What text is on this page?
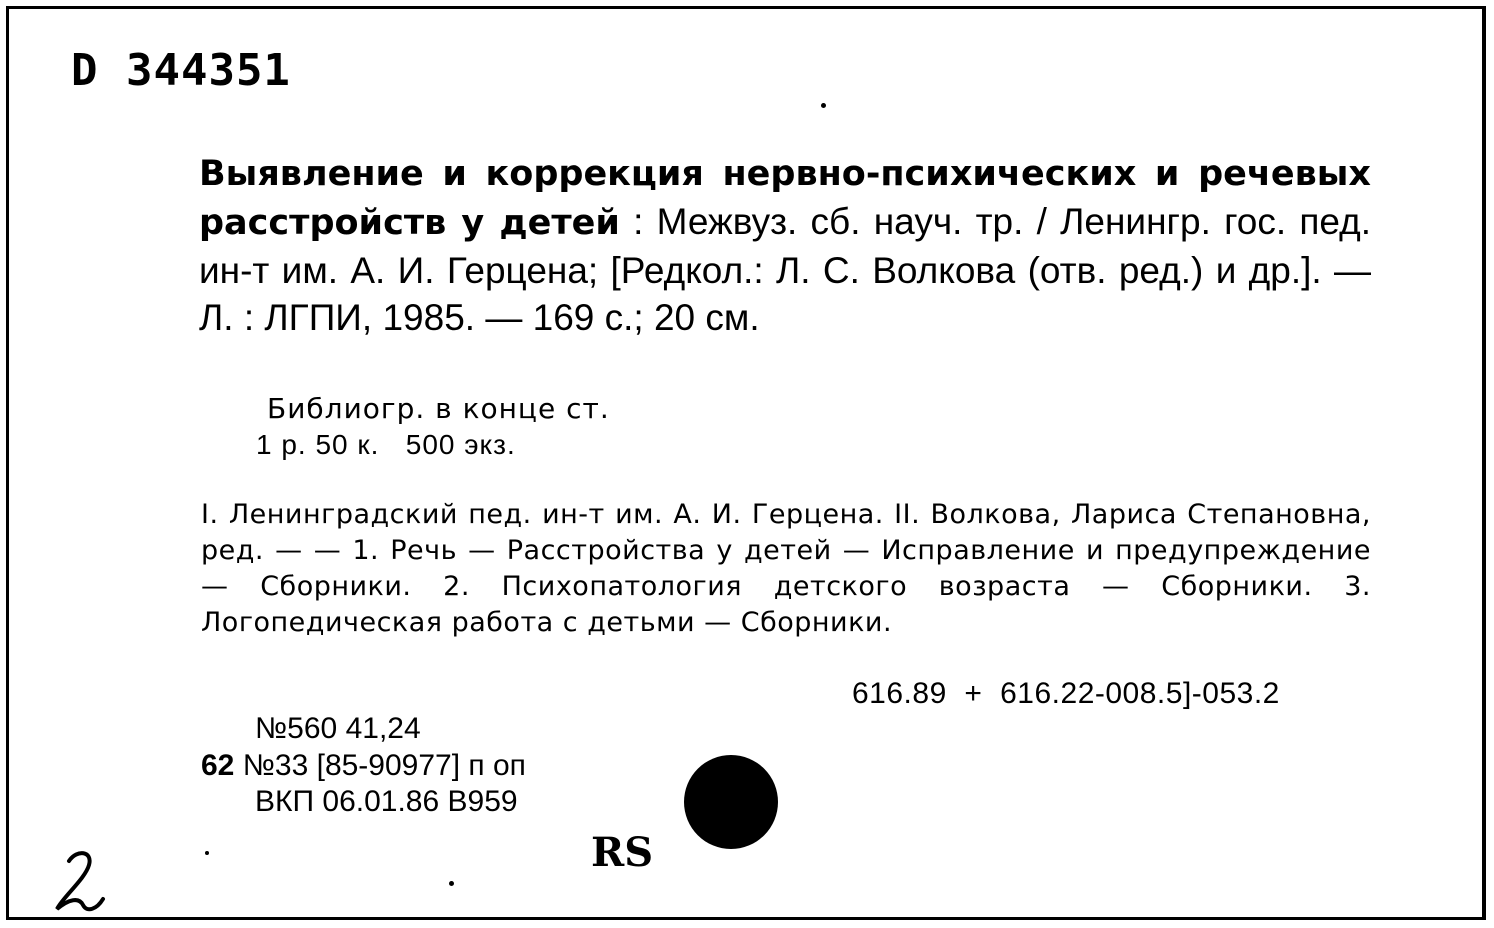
D 344351
Выявление и коррекция нервно-психических и речевых расстройств у детей : Межвуз. сб. науч. тр. / Ленингр. гос. пед. ин-т им. А. И. Герцена; [Редкол.: Л. С. Волкова (отв. ред.) и др.]. — Л. : ЛГПИ, 1985. — 169 с.; 20 см.
Библиогр. в конце ст.
1 р. 50 к.   500 экз.
I. Ленинградский пед. ин-т им. А. И. Герцена. II. Волкова, Лариса Степановна, ред. — — 1. Речь — Расстройства у детей — Исправление и предупреждение — Сборники. 2. Психопатология детского возраста — Сборники. 3. Логопедическая работа с детьми — Сборники.
616.89  +  616.22-008.5]-053.2
№560 41,24
62 №33 [85-90977] п оп
ВКП 06.01.86 В959
RS
